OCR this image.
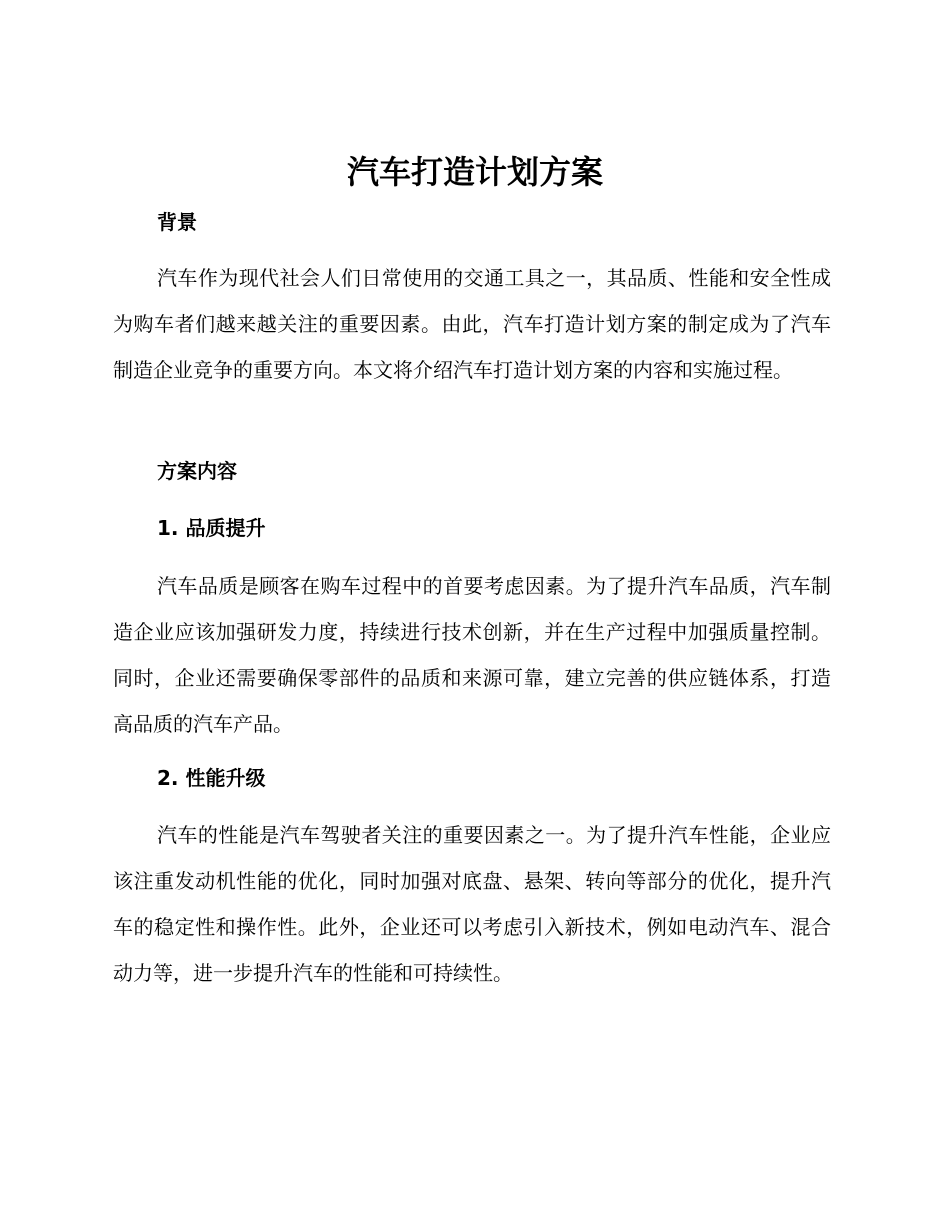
汽车打造计划方案
背景

汽车作为现代社会人们日常使用的交通工具之一，其品质、性能和安全性成为购车者们越来越关注的重要因素。由此，汽车打造计划方案的制定成为了汽车制造企业竞争的重要方向。本文将介绍汽车打造计划方案的内容和实施过程。

方案内容
1. 品质提升

汽车品质是顾客在购车过程中的首要考虑因素。为了提升汽车品质，汽车制造企业应该加强研发力度，持续进行技术创新，并在生产过程中加强质量控制。同时，企业还需要确保零部件的品质和来源可靠，建立完善的供应链体系，打造高品质的汽车产品。

2. 性能升级

汽车的性能是汽车驾驶者关注的重要因素之一。为了提升汽车性能，企业应该注重发动机性能的优化，同时加强对底盘、悬架、转向等部分的优化，提升汽车的稳定性和操作性。此外，企业还可以考虑引入新技术，例如电动汽车、混合动力等，进一步提升汽车的性能和可持续性。
